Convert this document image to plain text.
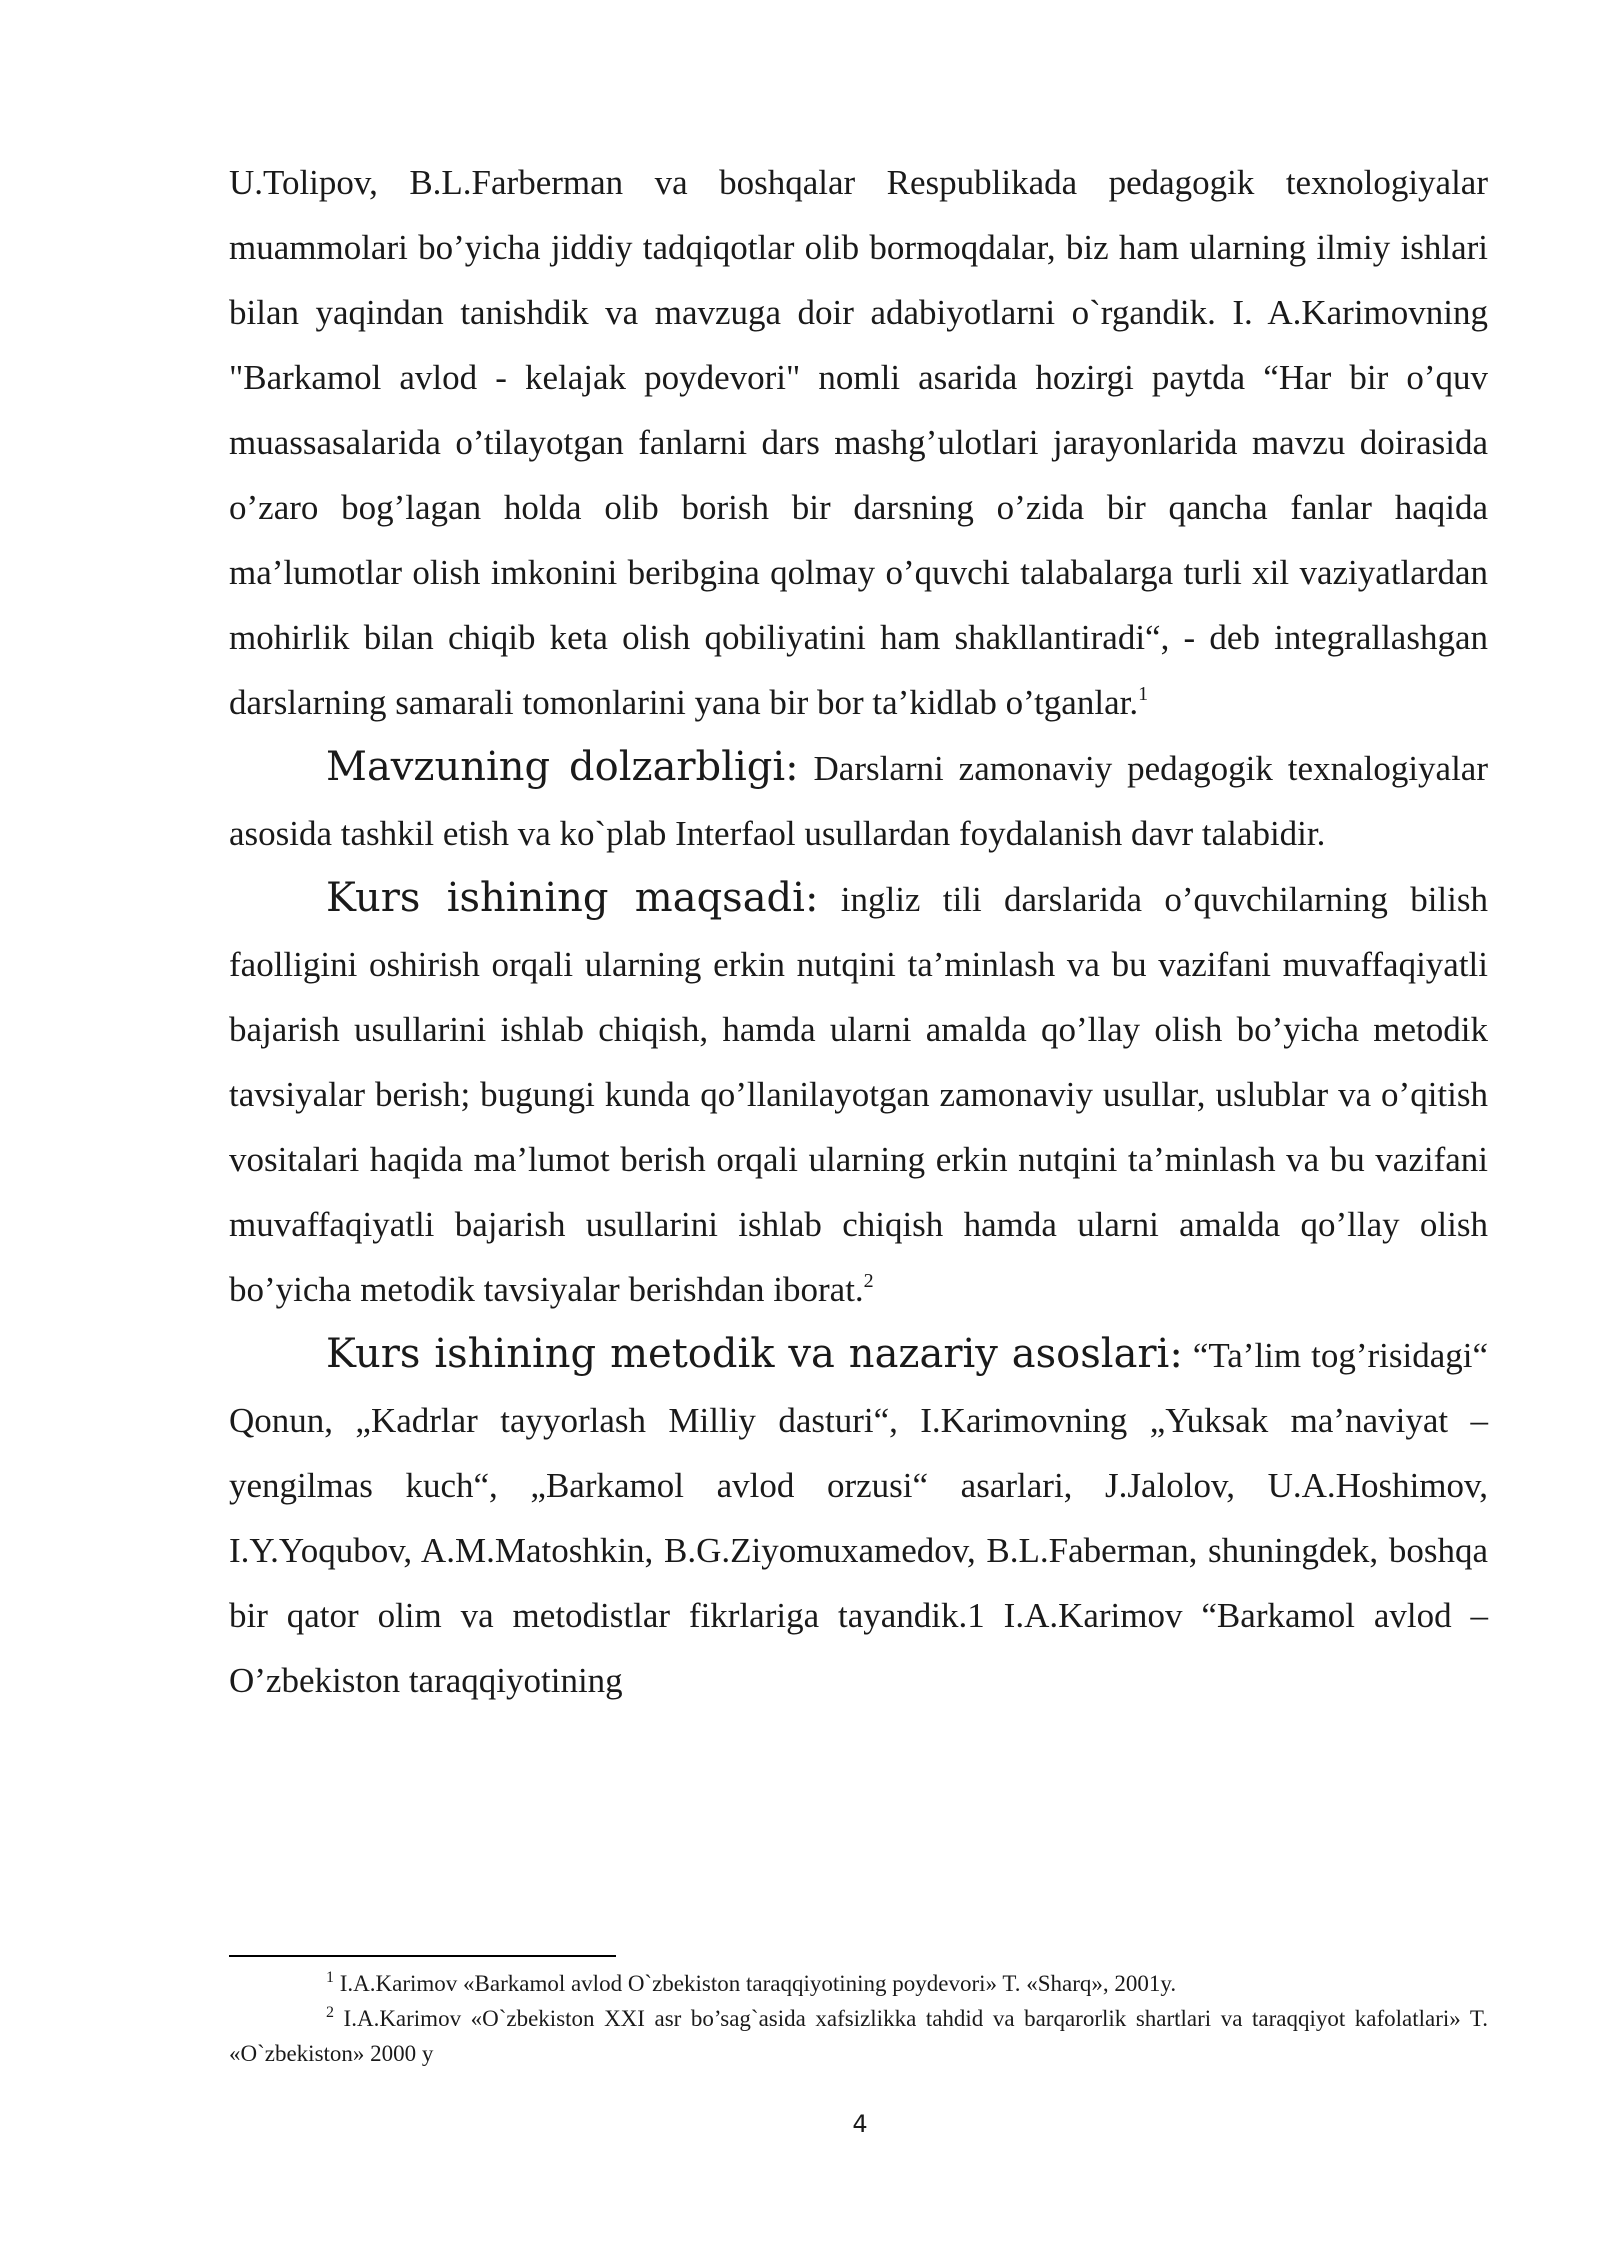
U.Tolipov, B.L.Farberman va boshqalar Respublikada pedagogik texnologiyalar muammolari bo’yicha jiddiy tadqiqotlar olib bormoqdalar, biz ham ularning ilmiy ishlari bilan yaqindan tanishdik va mavzuga doir adabiyotlarni o`rgandik. I. A.Karimovning "Barkamol avlod - kelajak poydevori" nomli asarida hozirgi paytda “Har bir o’quv muassasalarida o’tilayotgan fanlarni dars mashg’ulotlari jarayonlarida mavzu doirasida o’zaro bog’lagan holda olib borish bir darsning o’zida bir qancha fanlar haqida ma’lumotlar olish imkonini beribgina qolmay o’quvchi talabalarga turli xil vaziyatlardan mohirlik bilan chiqib keta olish qobiliyatini ham shakllantiradi“, - deb integrallashgan darslarning samarali tomonlarini yana bir bor ta’kidlab o’tganlar.$^1$

Mavzuning dolzarbligi: Darslarni zamonaviy pedagogik texnalogiyalar asosida tashkil etish va ko`plab Interfaol usullardan foydalanish davr talabidir.

Kurs ishining maqsadi: ingliz tili darslarida o’quvchilarning bilish faolligini oshirish orqali ularning erkin nutqini ta’minlash va bu vazifani muvaffaqiyatli bajarish usullarini ishlab chiqish, hamda ularni amalda qo’llay olish bo’yicha metodik tavsiyalar berish; bugungi kunda qo’llanilayotgan zamonaviy usullar, uslublar va o’qitish vositalari haqida ma’lumot berish orqali ularning erkin nutqini ta’minlash va bu vazifani muvaffaqiyatli bajarish usullarini ishlab chiqish hamda ularni amalda qo’llay olish bo’yicha metodik tavsiyalar berishdan iborat.$^2$

Kurs ishining metodik va nazariy asoslari: “Ta’lim tog’risidagi“ Qonun, „Kadrlar tayyorlash Milliy dasturi“, I.Karimovning „Yuksak ma’naviyat –yengilmas kuch“, „Barkamol avlod orzusi“ asarlari, J.Jalolov, U.A.Hoshimov, I.Y.Yoqubov, A.M.Matoshkin, B.G.Ziyomuxamedov, B.L.Faberman, shuningdek, boshqa bir qator olim va metodistlar fikrlariga tayandik.1 I.A.Karimov “Barkamol avlod – O’zbekiston taraqqiyotining

$^1$ I.A.Karimov «Barkamol avlod O`zbekiston taraqqiyotining poydevori» T. «Sharq», 2001y.

$^2$ I.A.Karimov «O`zbekiston XXI asr bo’sag`asida xafsizlikka tahdid va barqarorlik shartlari va taraqqiyot kafolatlari» T. «O`zbekiston» 2000 y

4
